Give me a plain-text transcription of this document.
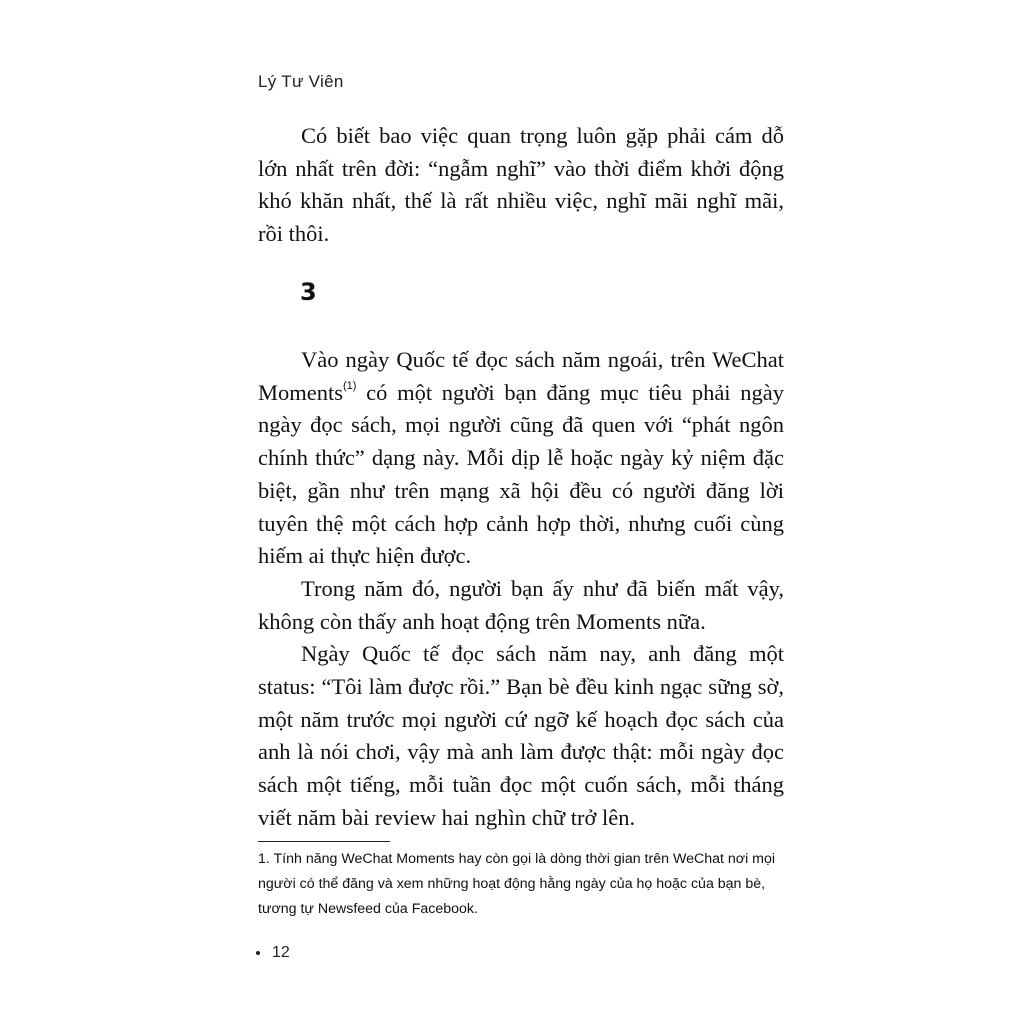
Lý Tư Viên

Có biết bao việc quan trọng luôn gặp phải cám dỗ lớn nhất trên đời: “ngẫm nghĩ” vào thời điểm khởi động khó khăn nhất, thế là rất nhiều việc, nghĩ mãi nghĩ mãi, rồi thôi.

3

Vào ngày Quốc tế đọc sách năm ngoái, trên WeChat Moments$^{(1)}$ có một người bạn đăng mục tiêu phải ngày ngày đọc sách, mọi người cũng đã quen với “phát ngôn chính thức” dạng này. Mỗi dịp lễ hoặc ngày kỷ niệm đặc biệt, gần như trên mạng xã hội đều có người đăng lời tuyên thệ một cách hợp cảnh hợp thời, nhưng cuối cùng hiếm ai thực hiện được.

Trong năm đó, người bạn ấy như đã biến mất vậy, không còn thấy anh hoạt động trên Moments nữa.

Ngày Quốc tế đọc sách năm nay, anh đăng một status: “Tôi làm được rồi.” Bạn bè đều kinh ngạc sững sờ, một năm trước mọi người cứ ngỡ kế hoạch đọc sách của anh là nói chơi, vậy mà anh làm được thật: mỗi ngày đọc sách một tiếng, mỗi tuần đọc một cuốn sách, mỗi tháng viết năm bài review hai nghìn chữ trở lên.

1. Tính năng WeChat Moments hay còn gọi là dòng thời gian trên WeChat nơi mọi người có thể đăng và xem những hoạt động hằng ngày của họ hoặc của bạn bè, tương tự Newsfeed của Facebook.
12
